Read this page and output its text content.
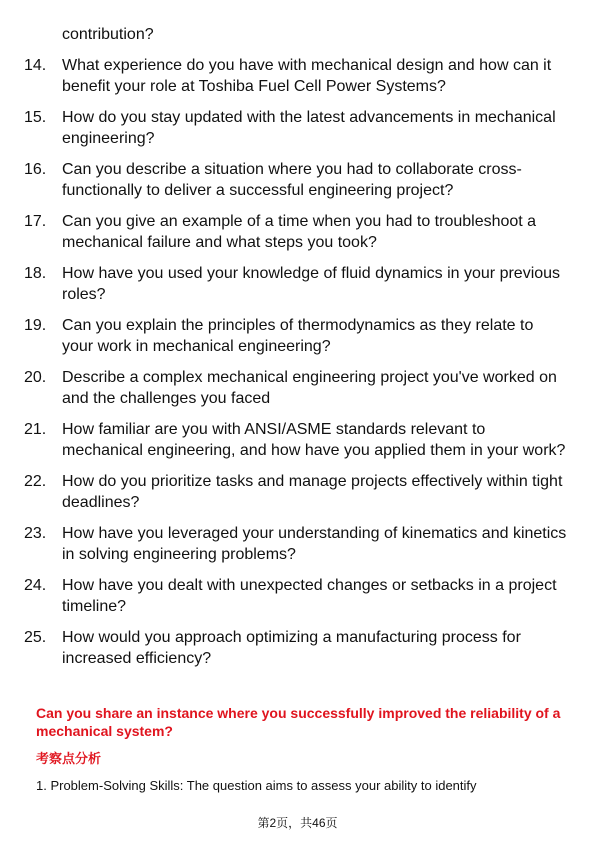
contribution?
14. What experience do you have with mechanical design and how can it benefit your role at Toshiba Fuel Cell Power Systems?
15. How do you stay updated with the latest advancements in mechanical engineering?
16. Can you describe a situation where you had to collaborate cross-functionally to deliver a successful engineering project?
17. Can you give an example of a time when you had to troubleshoot a mechanical failure and what steps you took?
18. How have you used your knowledge of fluid dynamics in your previous roles?
19. Can you explain the principles of thermodynamics as they relate to your work in mechanical engineering?
20. Describe a complex mechanical engineering project you've worked on and the challenges you faced
21. How familiar are you with ANSI/ASME standards relevant to mechanical engineering, and how have you applied them in your work?
22. How do you prioritize tasks and manage projects effectively within tight deadlines?
23. How have you leveraged your understanding of kinematics and kinetics in solving engineering problems?
24. How have you dealt with unexpected changes or setbacks in a project timeline?
25. How would you approach optimizing a manufacturing process for increased efficiency?
Can you share an instance where you successfully improved the reliability of a mechanical system?
考察点分析
1. Problem-Solving Skills: The question aims to assess your ability to identify
第2页，共46页
